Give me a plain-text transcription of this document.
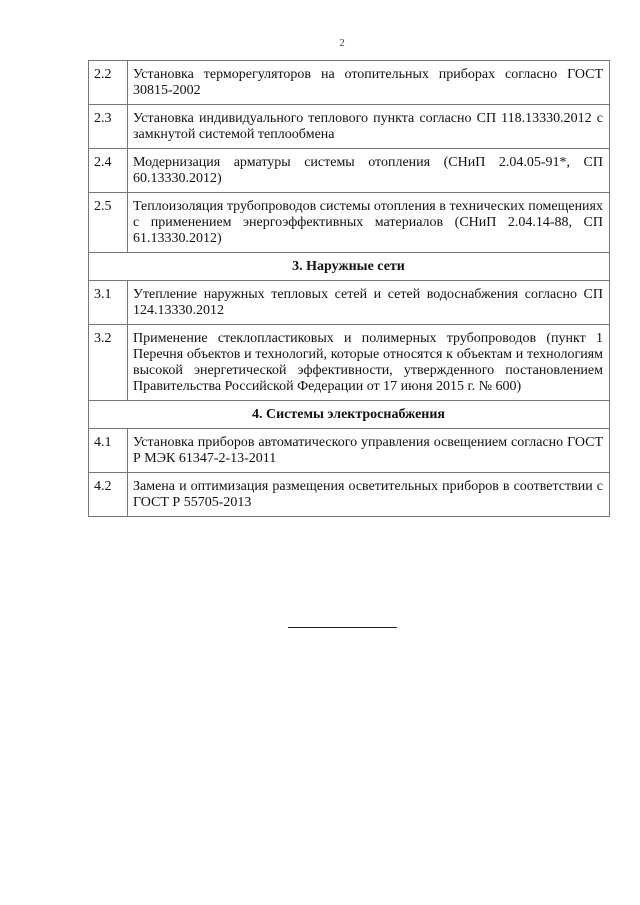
2
2.2	Установка терморегуляторов на отопительных приборах согласно ГОСТ 30815-2002
2.3	Установка индивидуального теплового пункта согласно СП 118.13330.2012 с замкнутой системой теплообмена
2.4	Модернизация арматуры системы отопления (СНиП 2.04.05-91*, СП 60.13330.2012)
2.5	Теплоизоляция трубопроводов системы отопления в технических помещениях с применением энергоэффективных материалов (СНиП 2.04.14-88, СП 61.13330.2012)
3. Наружные сети	
3.1	Утепление наружных тепловых сетей и сетей водоснабжения согласно СП 124.13330.2012
3.2	Применение стеклопластиковых и полимерных трубопроводов (пункт 1 Перечня объектов и технологий, которые относятся к объектам и технологиям высокой энергетической эффективности, утвержденного постановлением Правительства Российской Федерации от 17 июня 2015 г. № 600)
4. Системы электроснабжения	
4.1	Установка приборов автоматического управления освещением согласно ГОСТ Р МЭК 61347-2-13-2011
4.2	Замена и оптимизация размещения осветительных приборов в соответствии с ГОСТ Р 55705-2013
